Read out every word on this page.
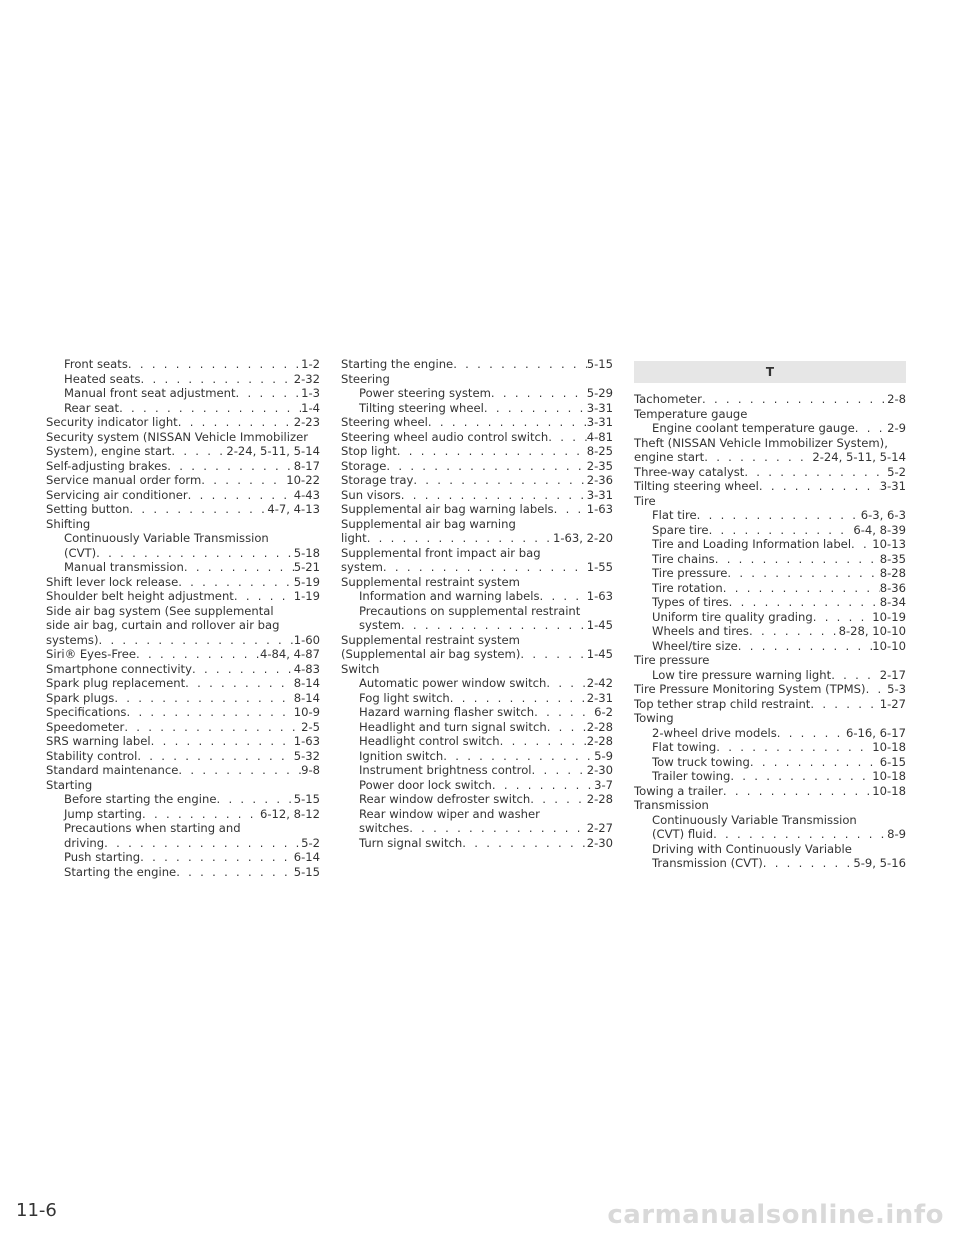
Front seats . . .	1-2
Heated seats . . .	2-32
Manual front seat adjustment . . .	1-3
Rear seat . . .	1-4
Security indicator light . . .	2-23
Security system (NISSAN Vehicle Immobilizer
System), engine start . . .	2-24, 5-11, 5-14
Self-adjusting brakes . . .	8-17
Service manual order form . . .	10-22
Servicing air conditioner . . .	4-43
Setting button . . .	4-7, 4-13
Shifting
Continuously Variable Transmission
(CVT) . . .	5-18
Manual transmission . . .	5-21
Shift lever lock release . . .	5-19
Shoulder belt height adjustment . . .	1-19
Side air bag system (See supplemental
side air bag, curtain and rollover air bag
systems) . . .	1-60
Siri® Eyes-Free . . .	4-84, 4-87
Smartphone connectivity . . .	4-83
Spark plug replacement . . .	8-14
Spark plugs . . .	8-14
Specifications . . .	10-9
Speedometer . . .	2-5
SRS warning label . . .	1-63
Stability control . . .	5-32
Standard maintenance . . .	9-8
Starting
Before starting the engine . . .	5-15
Jump starting . . .	6-12, 8-12
Precautions when starting and
driving . . .	5-2
Push starting . . .	6-14
Starting the engine . . .	5-15
Starting the engine . . .	5-15
Steering
Power steering system . . .	5-29
Tilting steering wheel . . .	3-31
Steering wheel . . .	3-31
Steering wheel audio control switch . . .	4-81
Stop light . . .	8-25
Storage . . .	2-35
Storage tray . . .	2-36
Sun visors . . .	3-31
Supplemental air bag warning labels . . .	1-63
Supplemental air bag warning
light . . .	1-63, 2-20
Supplemental front impact air bag
system . . .	1-55
Supplemental restraint system
Information and warning labels . . .	1-63
Precautions on supplemental restraint
system . . .	1-45
Supplemental restraint system
(Supplemental air bag system) . . .	1-45
Switch
Automatic power window switch . . .	2-42
Fog light switch . . .	2-31
Hazard warning flasher switch . . .	6-2
Headlight and turn signal switch . . .	2-28
Headlight control switch . . .	2-28
Ignition switch . . .	5-9
Instrument brightness control . . .	2-30
Power door lock switch . . .	3-7
Rear window defroster switch . . .	2-28
Rear window wiper and washer
switches . . .	2-27
Turn signal switch . . .	2-30
T
Tachometer . . .	2-8
Temperature gauge
Engine coolant temperature gauge . . .	2-9
Theft (NISSAN Vehicle Immobilizer System),
engine start . . .	2-24, 5-11, 5-14
Three-way catalyst . . .	5-2
Tilting steering wheel . . .	3-31
Tire
Flat tire . . .	6-3, 6-3
Spare tire . . .	6-4, 8-39
Tire and Loading Information label . . . 10-13
Tire chains . . .	8-35
Tire pressure . . .	8-28
Tire rotation . . .	8-36
Types of tires . . .	8-34
Uniform tire quality grading . . .	10-19
Wheels and tires . . .	8-28, 10-10
Wheel/tire size . . .	10-10
Tire pressure
Low tire pressure warning light . . .	2-17
Tire Pressure Monitoring System (TPMS) . . . 5-3
Top tether strap child restraint . . .	1-27
Towing
2-wheel drive models . . .	6-16, 6-17
Flat towing . . .	10-18
Tow truck towing . . .	6-15
Trailer towing . . .	10-18
Towing a trailer . . .	10-18
Transmission
Continuously Variable Transmission
(CVT) fluid . . .	8-9
Driving with Continuously Variable
Transmission (CVT) . . .	5-9, 5-16
11-6	carmanualsonline.info
